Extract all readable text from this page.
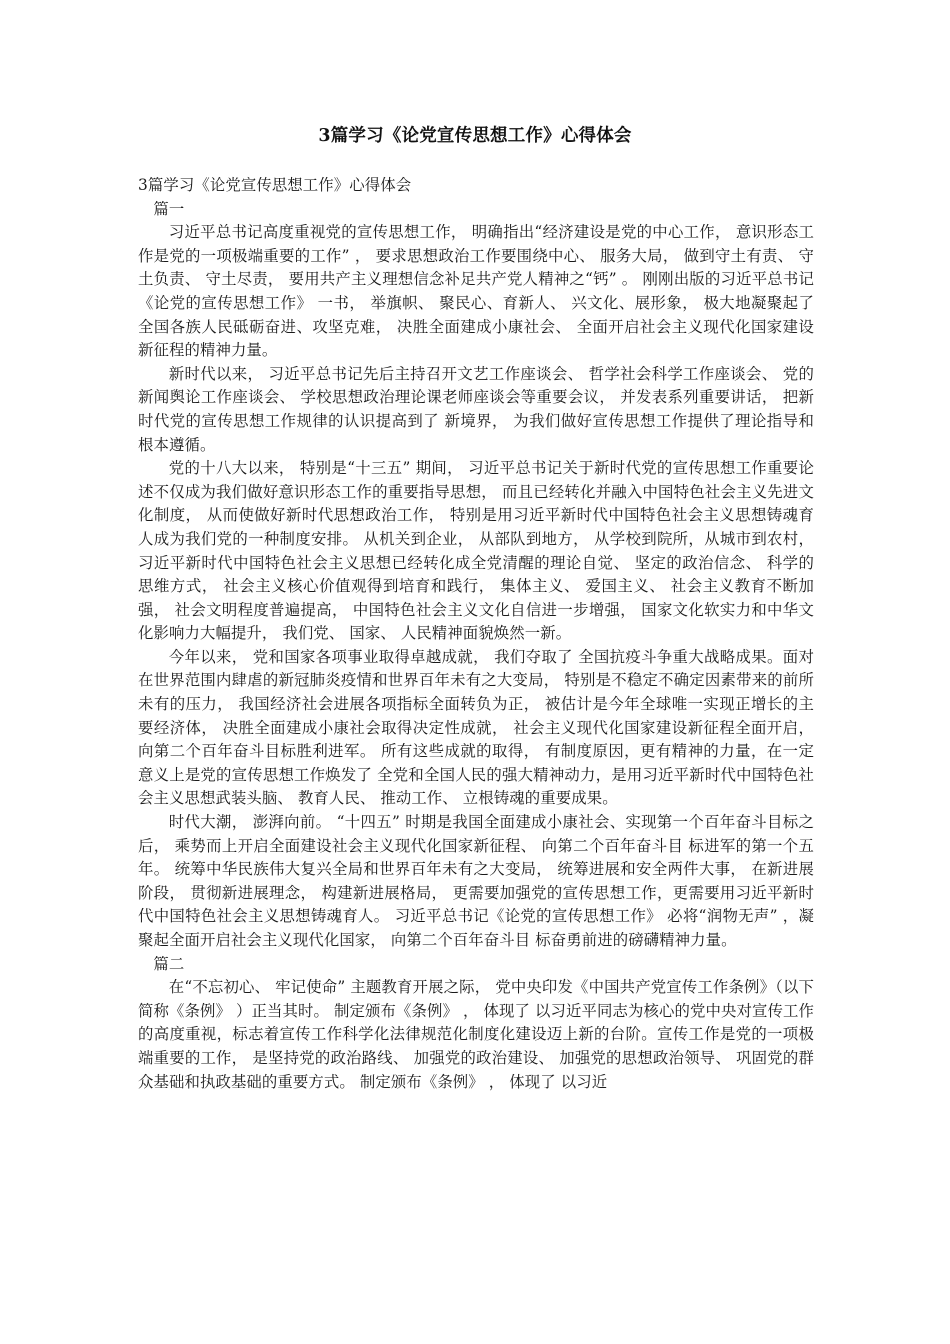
3篇学习《论党宣传思想工作》心得体会

3篇学习《论党宣传思想工作》心得体会

篇一

习近平总书记高度重视党的宣传思想工作， 明确指出“经济建设是党的中心工作， 意识形态工作是党的一项极端重要的工作” ， 要求思想政治工作要围绕中心、 服务大局， 做到守土有责、 守土负责、 守土尽责， 要用共产主义理想信念补足共产党人精神之“钙” 。 刚刚出版的习近平总书记《论党的宣传思想工作》 一书， 举旗帜、 聚民心、育新人、 兴文化、展形象， 极大地凝聚起了 全国各族人民砥砺奋进、攻坚克难， 决胜全面建成小康社会、 全面开启社会主义现代化国家建设新征程的精神力量。

新时代以来， 习近平总书记先后主持召开文艺工作座谈会、 哲学社会科学工作座谈会、 党的新闻舆论工作座谈会、 学校思想政治理论课老师座谈会等重要会议， 并发表系列重要讲话， 把新时代党的宣传思想工作规律的认识提高到了 新境界， 为我们做好宣传思想工作提供了理论指导和根本遵循。

党的十八大以来， 特别是“十三五” 期间， 习近平总书记关于新时代党的宣传思想工作重要论述不仅成为我们做好意识形态工作的重要指导思想， 而且已经转化并融入中国特色社会主义先进文化制度， 从而使做好新时代思想政治工作， 特别是用习近平新时代中国特色社会主义思想铸魂育人成为我们党的一种制度安排。 从机关到企业， 从部队到地方， 从学校到院所，从城市到农村， 习近平新时代中国特色社会主义思想已经转化成全党清醒的理论自觉、 坚定的政治信念、 科学的思维方式， 社会主义核心价值观得到培育和践行， 集体主义、 爱国主义、 社会主义教育不断加强， 社会文明程度普遍提高， 中国特色社会主义文化自信进一步增强， 国家文化软实力和中华文化影响力大幅提升， 我们党、 国家、 人民精神面貌焕然一新。

今年以来， 党和国家各项事业取得卓越成就， 我们夺取了 全国抗疫斗争重大战略成果。面对在世界范围内肆虐的新冠肺炎疫情和世界百年未有之大变局， 特别是不稳定不确定因素带来的前所未有的压力， 我国经济社会进展各项指标全面转负为正， 被估计是今年全球唯一实现正增长的主要经济体， 决胜全面建成小康社会取得决定性成就， 社会主义现代化国家建设新征程全面开启， 向第二个百年奋斗目标胜利进军。 所有这些成就的取得， 有制度原因，更有精神的力量，在一定意义上是党的宣传思想工作焕发了 全党和全国人民的强大精神动力，是用习近平新时代中国特色社会主义思想武装头脑、 教育人民、 推动工作、 立根铸魂的重要成果。

时代大潮， 澎湃向前。 “十四五” 时期是我国全面建成小康社会、实现第一个百年奋斗目标之后， 乘势而上开启全面建设社会主义现代化国家新征程、 向第二个百年奋斗目 标进军的第一个五年。 统筹中华民族伟大复兴全局和世界百年未有之大变局， 统筹进展和安全两件大事， 在新进展阶段， 贯彻新进展理念， 构建新进展格局， 更需要加强党的宣传思想工作，更需要用习近平新时代中国特色社会主义思想铸魂育人。 习近平总书记《论党的宣传思想工作》 必将“润物无声” ，凝聚起全面开启社会主义现代化国家， 向第二个百年奋斗目 标奋勇前进的磅礴精神力量。

篇二

在“不忘初心、 牢记使命” 主题教育开展之际， 党中央印发《中国共产党宣传工作条例》（以下简称《条例》 ）正当其时。 制定颁布《条例》 ， 体现了 以习近平同志为核心的党中央对宣传工作的高度重视，标志着宣传工作科学化法律规范化制度化建设迈上新的台阶。宣传工作是党的一项极端重要的工作， 是坚持党的政治路线、 加强党的政治建设、 加强党的思想政治领导、 巩固党的群众基础和执政基础的重要方式。 制定颁布《条例》 ， 体现了 以习近
